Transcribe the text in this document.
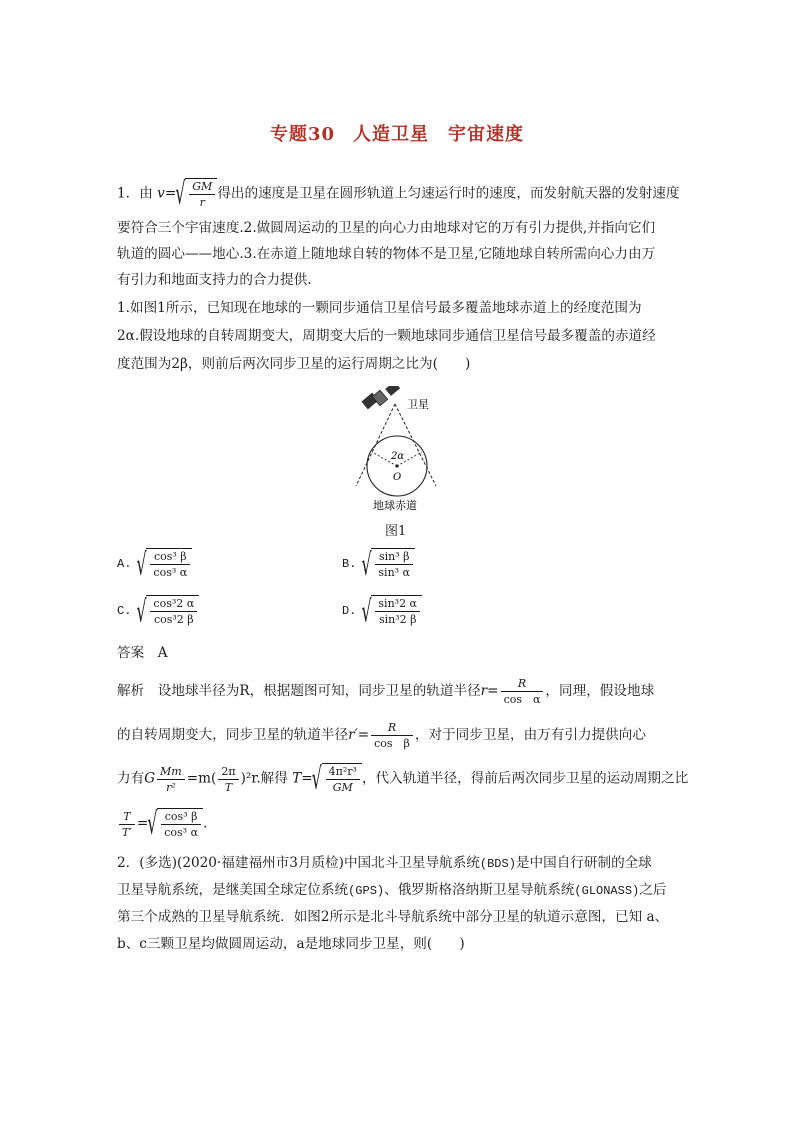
专题30 人造卫星　宇宙速度
1．由 v= √ $\frac{GM}{r}$ 得出的速度是卫星在圆形轨道上匀速运行时的速度，而发射航天器的发射速度
要符合三个宇宙速度.2.做圆周运动的卫星的向心力由地球对它的万有引力提供,并指向它们
轨道的圆心——地心.3.在赤道上随地球自转的物体不是卫星,它随地球自转所需向心力由万
有引力和地面支持力的合力提供.
1.如图1所示，已知现在地球的一颗同步通信卫星信号最多覆盖地球赤道上的经度范围为
2α.假设地球的自转周期变大，周期变大后的一颗地球同步通信卫星信号最多覆盖的赤道经
度范围为2β，则前后两次同步卫星的运行周期之比为(　　)
2α
O
卫星
地球赤道
图1
A. √ $\frac{\text{cos³ β}}{\text{cos³ α}}$	B. √ $\frac{\text{sin³ β}}{\text{sin³ α}}$
C. √ $\frac{\text{cos³2 α}}{\text{cos³2 β}}$	D. √ $\frac{\text{sin³2 α}}{\text{sin³2 β}}$
答案　 A
解析　 设地球半径为R，根据题图可知，同步卫星的轨道半径$r= \frac{R}{\text{cos　α}}$ ，同理，假设地球
的自转周期变大，同步卫星的轨道半径$r'= \frac{R}{\text{cos　β}}$ ，对于同步卫星，由万有引力提供向心
力有G $\frac{Mm}{\text{r²}} =m( \frac{2\pi}{T} )^2r$.解得 T= √ $\frac{\text{4π²r³}}{GM}$ ，代入轨道半径，得前后两次同步卫星的运动周期之比
$\frac{T}{T'}$ = √ $\frac{\text{cos³ β}}{\text{cos³ α}}$ .
2．(多选)(2020·福建福州市3月质检)中国北斗卫星导航系统(BDS)是中国自行研制的全球
卫星导航系统，是继美国全球定位系统(GPS)、俄罗斯格洛纳斯卫星导航系统(GLONASS)之后
第三个成熟的卫星导航系统．如图2所示是北斗导航系统中部分卫星的轨道示意图，已知 a、
b、c三颗卫星均做圆周运动，a是地球同步卫星，则(　　)
